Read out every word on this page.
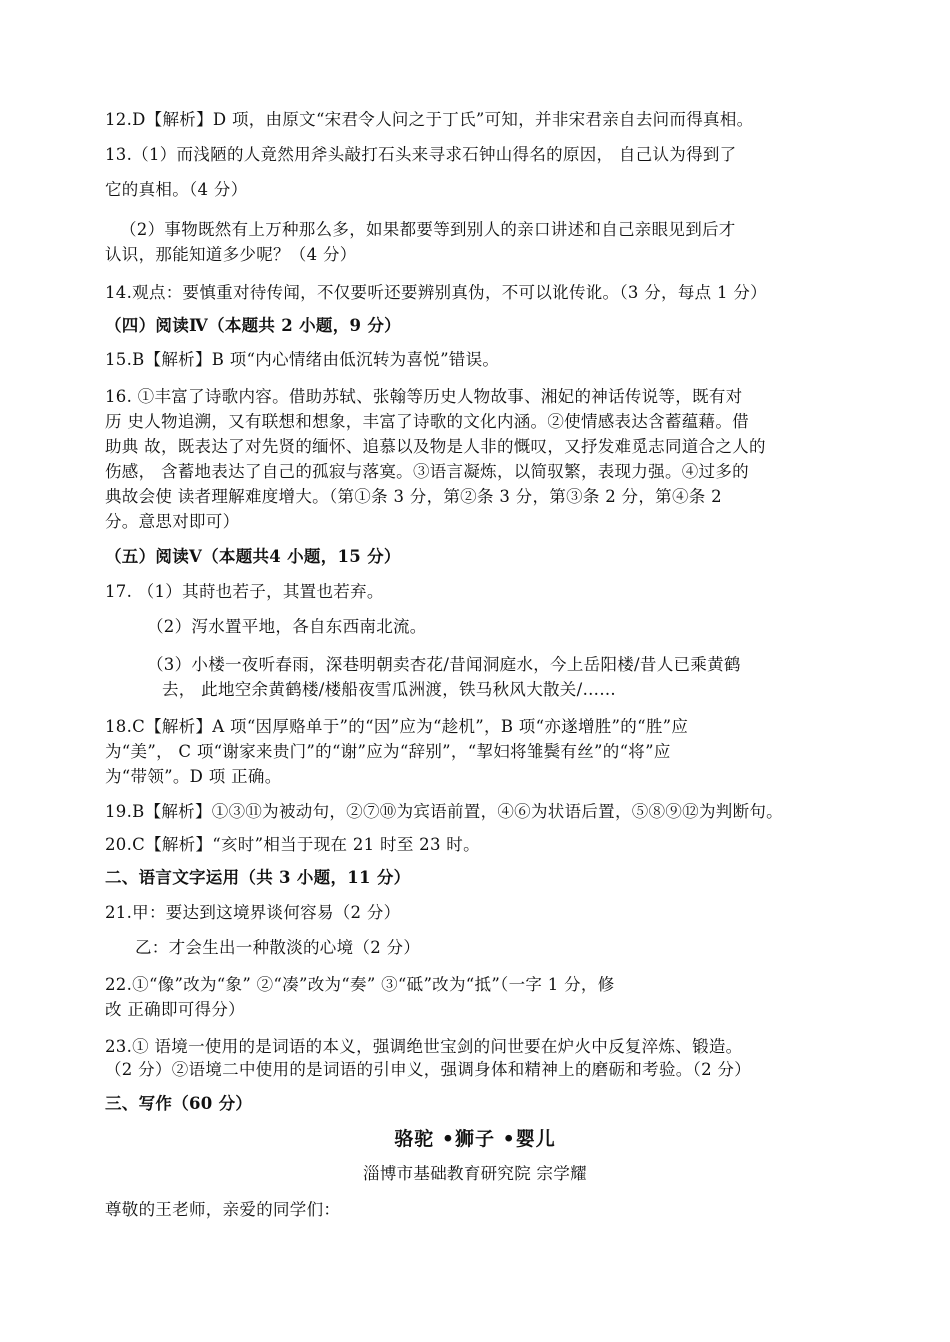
12.D【解析】D 项，由原文“宋君令人问之于丁氏”可知，并非宋君亲自去问而得真相。
13.（1）而浅陋的人竟然用斧头敲打石头来寻求石钟山得名的原因， 自己认为得到了
它的真相。（4 分）
（2）事物既然有上万种那么多，如果都要等到别人的亲口讲述和自己亲眼见到后才
认识，那能知道多少呢？（4 分）
14.观点：要慎重对待传闻，不仅要听还要辨别真伪，不可以讹传讹。（3 分，每点 1 分）
（四）阅读Ⅳ（本题共 2 小题，9 分）
15.B【解析】B 项“内心情绪由低沉转为喜悦”错误。
16. ①丰富了诗歌内容。借助苏轼、张翰等历史人物故事、湘妃的神话传说等，既有对
历 史人物追溯，又有联想和想象，丰富了诗歌的文化内涵。②使情感表达含蓄蕴藉。借
助典 故，既表达了对先贤的缅怀、追慕以及物是人非的慨叹，又抒发难觅志同道合之人的
伤感， 含蓄地表达了自己的孤寂与落寞。③语言凝炼，以简驭繁，表现力强。④过多的
典故会使 读者理解难度增大。（第①条 3 分，第②条 3 分，第③条 2 分，第④条 2
分。意思对即可）
（五）阅读Ⅴ（本题共4 小题，15 分）
17. （1）其莳也若子，其置也若弃。
（2）泻水置平地，各自东西南北流。
（3）小楼一夜听春雨，深巷明朝卖杏花/昔闻洞庭水，今上岳阳楼/昔人已乘黄鹤
去， 此地空余黄鹤楼/楼船夜雪瓜洲渡，铁马秋风大散关/……
18.C【解析】A 项“因厚赂单于”的“因”应为“趁机”，B 项“亦遂增胜”的“胜”应
为“美”， C 项“谢家来贵门”的“谢”应为“辞别”，“挈妇将雏鬓有丝”的“将”应
为“带领”。D 项 正确。
19.B【解析】①③⑪为被动句，②⑦⑩为宾语前置，④⑥为状语后置，⑤⑧⑨⑫为判断句。
20.C【解析】“亥时”相当于现在 21 时至 23 时。
二、语言文字运用（共 3 小题，11 分）
21.甲：要达到这境界谈何容易（2 分）
乙：才会生出一种散淡的心境（2 分）
22.①“像”改为“象” ②“凑”改为“奏” ③“砥”改为“抵”（一字 1 分，修
改 正确即可得分）
23.① 语境一使用的是词语的本义，强调绝世宝剑的问世要在炉火中反复淬炼、锻造。
（2 分）②语境二中使用的是词语的引申义，强调身体和精神上的磨砺和考验。（2 分）
三、写作（60 分）
骆驼 •狮子 •婴儿
淄博市基础教育研究院 宗学耀
尊敬的王老师，亲爱的同学们：
